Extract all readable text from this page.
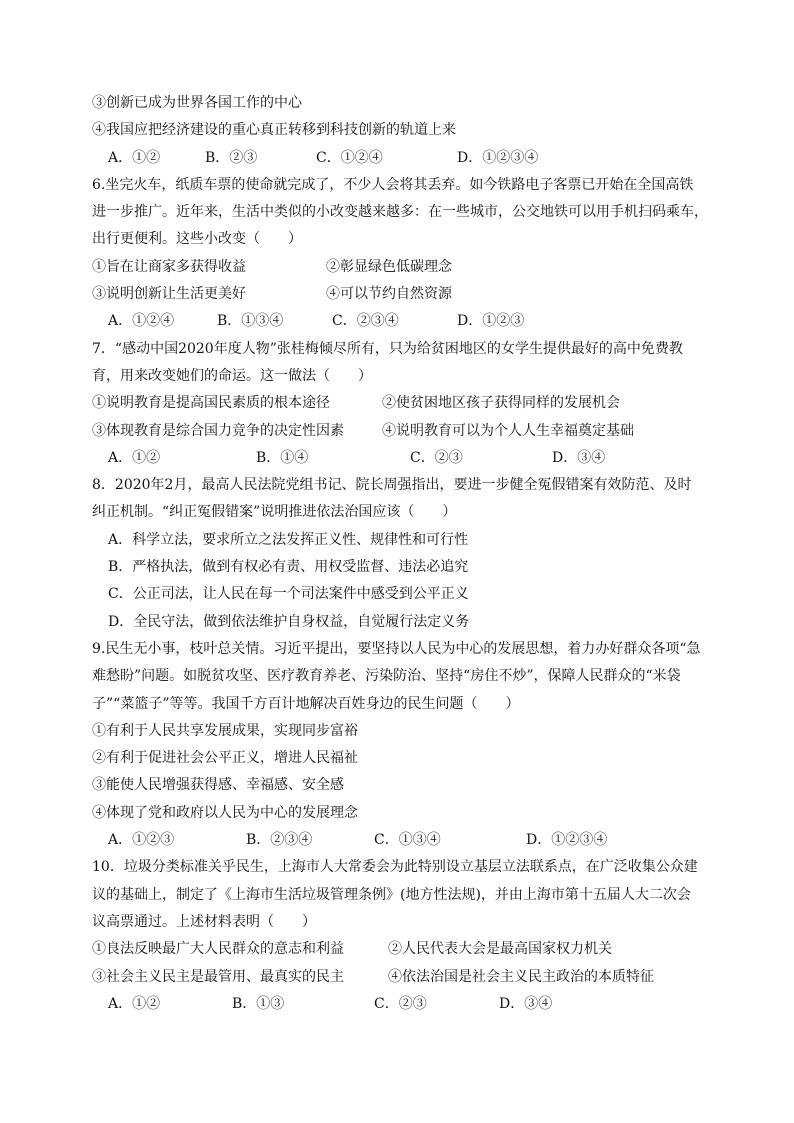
③创新已成为世界各国工作的中心
④我国应把经济建设的重心真正转移到科技创新的轨道上来
A．①②	B．②③	C．①②④	D．①②③④
6.坐完火车，纸质车票的使命就完成了，不少人会将其丢弃。如今铁路电子客票已开始在全国高铁
进一步推广。近年来，生活中类似的小改变越来越多：在一些城市，公交地铁可以用手机扫码乘车，
出行更便利。这些小改变（　　）
①旨在让商家多获得收益	②彰显绿色低碳理念
③说明创新让生活更美好	④可以节约自然资源
A．①②④	B．①③④	C．②③④	D．①②③
7．“感动中国2020年度人物”张桂梅倾尽所有，只为给贫困地区的女学生提供最好的高中免费教
育，用来改变她们的命运。这一做法（　　）
①说明教育是提高国民素质的根本途径	②使贫困地区孩子获得同样的发展机会
③体现教育是综合国力竞争的决定性因素	④说明教育可以为个人人生幸福奠定基础
A．①②	B．①④	C．②③	D．③④
8．2020年2月，最高人民法院党组书记、院长周强指出，要进一步健全冤假错案有效防范、及时
纠正机制。“纠正冤假错案”说明推进依法治国应该（　　）
A．科学立法，要求所立之法发挥正义性、规律性和可行性
B．严格执法，做到有权必有责、用权受监督、违法必追究
C．公正司法，让人民在每一个司法案件中感受到公平正义
D．全民守法，做到依法维护自身权益，自觉履行法定义务
9.民生无小事，枝叶总关情。习近平提出，要坚持以人民为中心的发展思想，着力办好群众各项“急
难愁盼”问题。如脱贫攻坚、医疗教育养老、污染防治、坚持“房住不炒”，保障人民群众的“米袋
子”“菜篮子”等等。我国千方百计地解决百姓身边的民生问题（　　）
①有利于人民共享发展成果，实现同步富裕
②有利于促进社会公平正义，增进人民福祉
③能使人民增强获得感、幸福感、安全感
④体现了党和政府以人民为中心的发展理念
A．①②③	B．②③④	C．①③④	D．①②③④
10．垃圾分类标准关乎民生，上海市人大常委会为此特别设立基层立法联系点，在广泛收集公众建
议的基础上，制定了《上海市生活垃圾管理条例》(地方性法规)，并由上海市第十五届人大二次会
议高票通过。上述材料表明（　　）
①良法反映最广大人民群众的意志和利益	②人民代表大会是最高国家权力机关
③社会主义民主是最管用、最真实的民主	④依法治国是社会主义民主政治的本质特征
A．①②	B．①③	C．②③	D．③④
